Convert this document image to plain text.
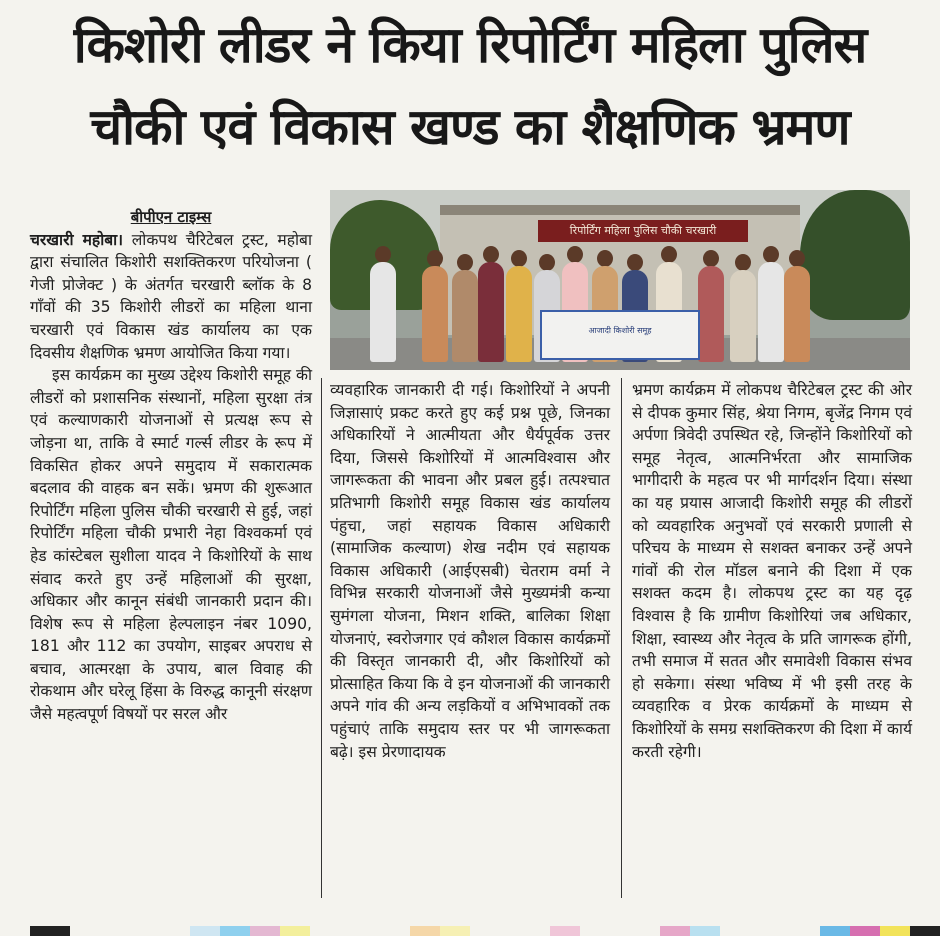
किशोरी लीडर ने किया रिपोर्टिंग महिला पुलिस
चौकी एवं विकास खण्ड का शैक्षणिक भ्रमण
रिपोर्टिंग महिला पुलिस चौकी चरखारी
आजादी किशोरी समूह

बीपीएन टाइम्स

चरखारी महोबा। लोकपथ चैरिटेबल ट्रस्ट, महोबा द्वारा संचालित किशोरी सशक्तिकरण परियोजना ( गेजी प्रोजेक्ट ) के अंतर्गत चरखारी ब्लॉक के 8 गाँवों की 35 किशोरी लीडरों का महिला थाना चरखारी एवं विकास खंड कार्यालय का एक दिवसीय शैक्षणिक भ्रमण आयोजित किया गया।

इस कार्यक्रम का मुख्य उद्देश्य किशोरी समूह की लीडरों को प्रशासनिक संस्थानों, महिला सुरक्षा तंत्र एवं कल्याणकारी योजनाओं से प्रत्यक्ष रूप से जोड़ना था, ताकि वे स्मार्ट गर्ल्स लीडर के रूप में विकसित होकर अपने समुदाय में सकारात्मक बदलाव की वाहक बन सकें। भ्रमण की शुरूआत रिपोर्टिंग महिला पुलिस चौकी चरखारी से हुई, जहां रिपोर्टिंग महिला चौकी प्रभारी नेहा विश्वकर्मा एवं हेड कांस्टेबल सुशीला यादव ने किशोरियों के साथ संवाद करते हुए उन्हें महिलाओं की सुरक्षा, अधिकार और कानून संबंधी जानकारी प्रदान की। विशेष रूप से महिला हेल्पलाइन नंबर 1090, 181 और 112 का उपयोग, साइबर अपराध से बचाव, आत्मरक्षा के उपाय, बाल विवाह की रोकथाम और घरेलू हिंसा के विरुद्ध कानूनी संरक्षण जैसे महत्वपूर्ण विषयों पर सरल और

व्यवहारिक जानकारी दी गई। किशोरियों ने अपनी जिज्ञासाएं प्रकट करते हुए कई प्रश्न पूछे, जिनका अधिकारियों ने आत्मीयता और धैर्यपूर्वक उत्तर दिया, जिससे किशोरियों में आत्मविश्वास और जागरूकता की भावना और प्रबल हुई। तत्पश्चात प्रतिभागी किशोरी समूह विकास खंड कार्यालय पंहुचा, जहां सहायक विकास अधिकारी (सामाजिक कल्याण) शेख नदीम एवं सहायक विकास अधिकारी (आईएसबी) चेतराम वर्मा ने विभिन्न सरकारी योजनाओं जैसे मुख्यमंत्री कन्या सुमंगला योजना, मिशन शक्ति, बालिका शिक्षा योजनाएं, स्वरोजगार एवं कौशल विकास कार्यक्रमों की विस्तृत जानकारी दी, और किशोरियों को प्रोत्साहित किया कि वे इन योजनाओं की जानकारी अपने गांव की अन्य लड़कियों व अभिभावकों तक पहुंचाएं ताकि समुदाय स्तर पर भी जागरूकता बढ़े। इस प्रेरणादायक

भ्रमण कार्यक्रम में लोकपथ चैरिटेबल ट्रस्ट की ओर से दीपक कुमार सिंह, श्रेया निगम, बृजेंद्र निगम एवं अर्पणा त्रिवेदी उपस्थित रहे, जिन्होंने किशोरियों को समूह नेतृत्व, आत्मनिर्भरता और सामाजिक भागीदारी के महत्व पर भी मार्गदर्शन दिया। संस्था का यह प्रयास आजादी किशोरी समूह की लीडरों को व्यवहारिक अनुभवों एवं सरकारी प्रणाली से परिचय के माध्यम से सशक्त बनाकर उन्हें अपने गांवों की रोल मॉडल बनाने की दिशा में एक सशक्त कदम है। लोकपथ ट्रस्ट का यह दृढ़ विश्वास है कि ग्रामीण किशोरियां जब अधिकार, शिक्षा, स्वास्थ्य और नेतृत्व के प्रति जागरूक होंगी, तभी समाज में सतत और समावेशी विकास संभव हो सकेगा। संस्था भविष्य में भी इसी तरह के व्यवहारिक व प्रेरक कार्यक्रमों के माध्यम से किशोरियों के समग्र सशक्तिकरण की दिशा में कार्य करती रहेगी।
